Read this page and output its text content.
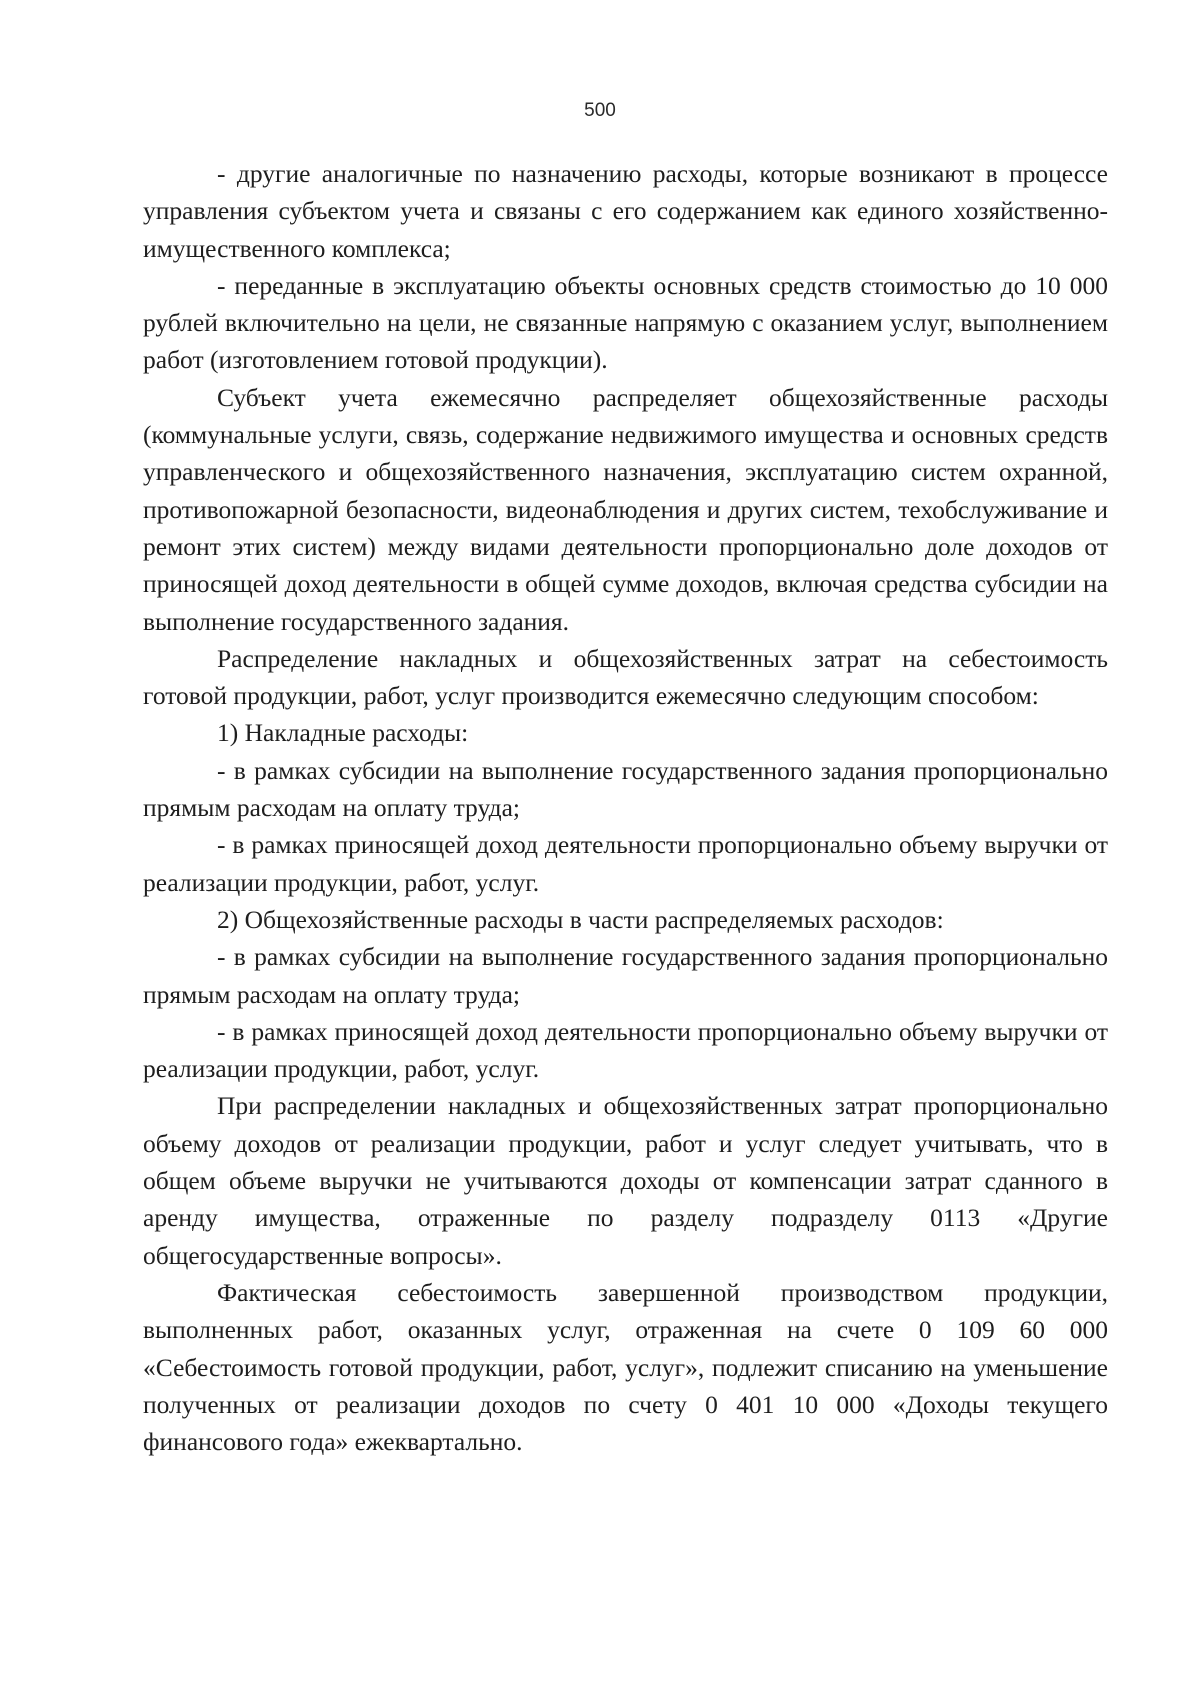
500

- другие аналогичные по назначению расходы, которые возникают в процессе управления субъектом учета и связаны с его содержанием как единого хозяйственно-имущественного комплекса;

- переданные в эксплуатацию объекты основных средств стоимостью до 10 000 рублей включительно на цели, не связанные напрямую с оказанием услуг, выполнением работ (изготовлением готовой продукции).

Субъект учета ежемесячно распределяет общехозяйственные расходы (коммунальные услуги, связь, содержание недвижимого имущества и основных средств управленческого и общехозяйственного назначения, эксплуатацию систем охранной, противопожарной безопасности, видеонаблюдения и других систем, техобслуживание и ремонт этих систем) между видами деятельности пропорционально доле доходов от приносящей доход деятельности в общей сумме доходов, включая средства субсидии на выполнение государственного задания.

Распределение накладных и общехозяйственных затрат на себестоимость готовой продукции, работ, услуг производится ежемесячно следующим способом:

1) Накладные расходы:

- в рамках субсидии на выполнение государственного задания пропорционально прямым расходам на оплату труда;

- в рамках приносящей доход деятельности пропорционально объему выручки от реализации продукции, работ, услуг.

2) Общехозяйственные расходы в части распределяемых расходов:

- в рамках субсидии на выполнение государственного задания пропорционально прямым расходам на оплату труда;

- в рамках приносящей доход деятельности пропорционально объему выручки от реализации продукции, работ, услуг.

При распределении накладных и общехозяйственных затрат пропорционально объему доходов от реализации продукции, работ и услуг следует учитывать, что в общем объеме выручки не учитываются доходы от компенсации затрат сданного в аренду имущества, отраженные по разделу подразделу 0113 «Другие общегосударственные вопросы».

Фактическая себестоимость завершенной производством продукции, выполненных работ, оказанных услуг, отраженная на счете 0 109 60 000 «Себестоимость готовой продукции, работ, услуг», подлежит списанию на уменьшение полученных от реализации доходов по счету 0 401 10 000 «Доходы текущего финансового года» ежеквартально.
